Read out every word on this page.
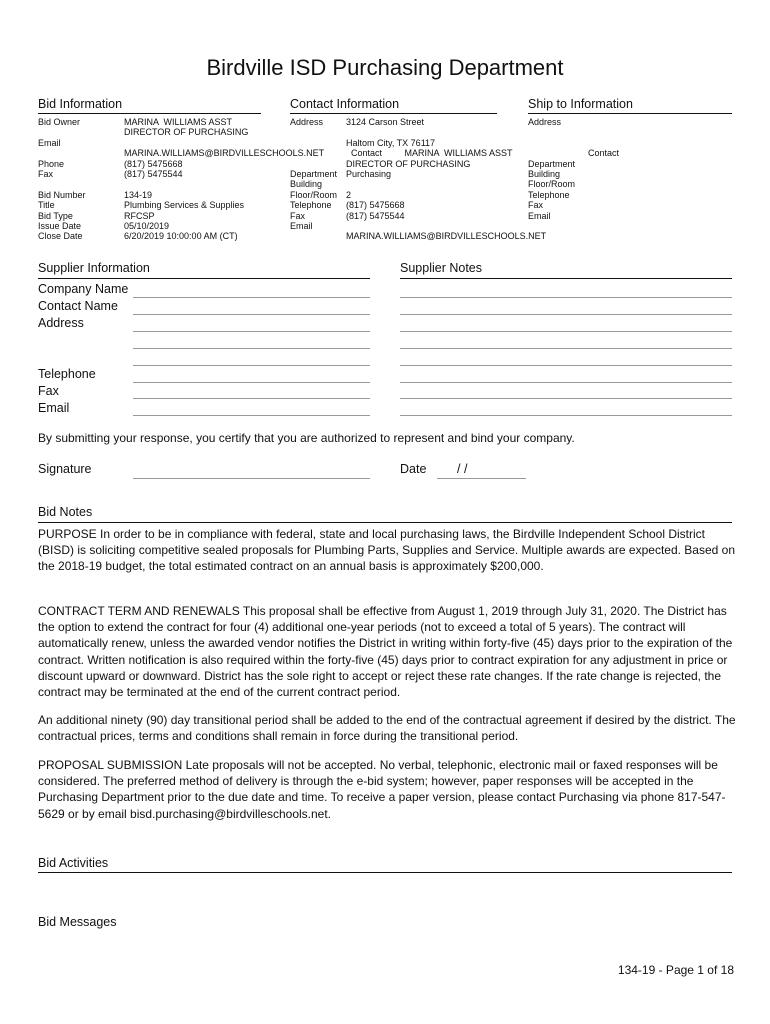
Birdville ISD Purchasing Department
Bid Information
Bid Owner

Email

Phone
Fax

Bid Number
Title
Bid Type
Issue Date
Close Date
MARINA  WILLIAMS ASST
DIRECTOR OF PURCHASING

MARINA.WILLIAMS@BIRDVILLESCHOOLS.NET
(817) 5475668
(817) 5475544

134-19
Plumbing Services & Supplies
RFCSP
05/10/2019
6/20/2019 10:00:00 AM (CT)
Contact Information
Address

Department
Building
Floor/Room
Telephone
Fax
Email
3124 Carson Street

Haltom City, TX 76117
Contact         MARINA  WILLIAMS ASST
DIRECTOR OF PURCHASING
Purchasing

2
(817) 5475668
(817) 5475544

MARINA.WILLIAMS@BIRDVILLESCHOOLS.NET
Ship to Information
Address

Department
Building
Floor/Room
Telephone
Fax
Email
Contact
Supplier Information
Company Name
Contact Name
Address

Telephone
Fax
Email
Supplier Notes
By submitting your response, you certify that you are authorized to represent and bind your company.
Signature	Date / /
Bid Notes
PURPOSE In order to be in compliance with federal, state and local purchasing laws, the Birdville Independent School District (BISD) is soliciting competitive sealed proposals for Plumbing Parts, Supplies and Service. Multiple awards are expected. Based on the 2018-19 budget, the total estimated contract on an annual basis is approximately $200,000.
CONTRACT TERM AND RENEWALS This proposal shall be effective from August 1, 2019 through July 31, 2020. The District has the option to extend the contract for four (4) additional one-year periods (not to exceed a total of 5 years). The contract will automatically renew, unless the awarded vendor notifies the District in writing within forty-five (45) days prior to the expiration of the contract. Written notification is also required within the forty-five (45) days prior to contract expiration for any adjustment in price or discount upward or downward. District has the sole right to accept or reject these rate changes. If the rate change is rejected, the contract may be terminated at the end of the current contract period.
An additional ninety (90) day transitional period shall be added to the end of the contractual agreement if desired by the district. The contractual prices, terms and conditions shall remain in force during the transitional period.
PROPOSAL SUBMISSION Late proposals will not be accepted. No verbal, telephonic, electronic mail or faxed responses will be considered. The preferred method of delivery is through the e-bid system; however, paper responses will be accepted in the Purchasing Department prior to the due date and time. To receive a paper version, please contact Purchasing via phone 817-547-5629 or by email bisd.purchasing@birdvilleschools.net.
Bid Activities
Bid Messages
134-19 - Page 1 of 18
